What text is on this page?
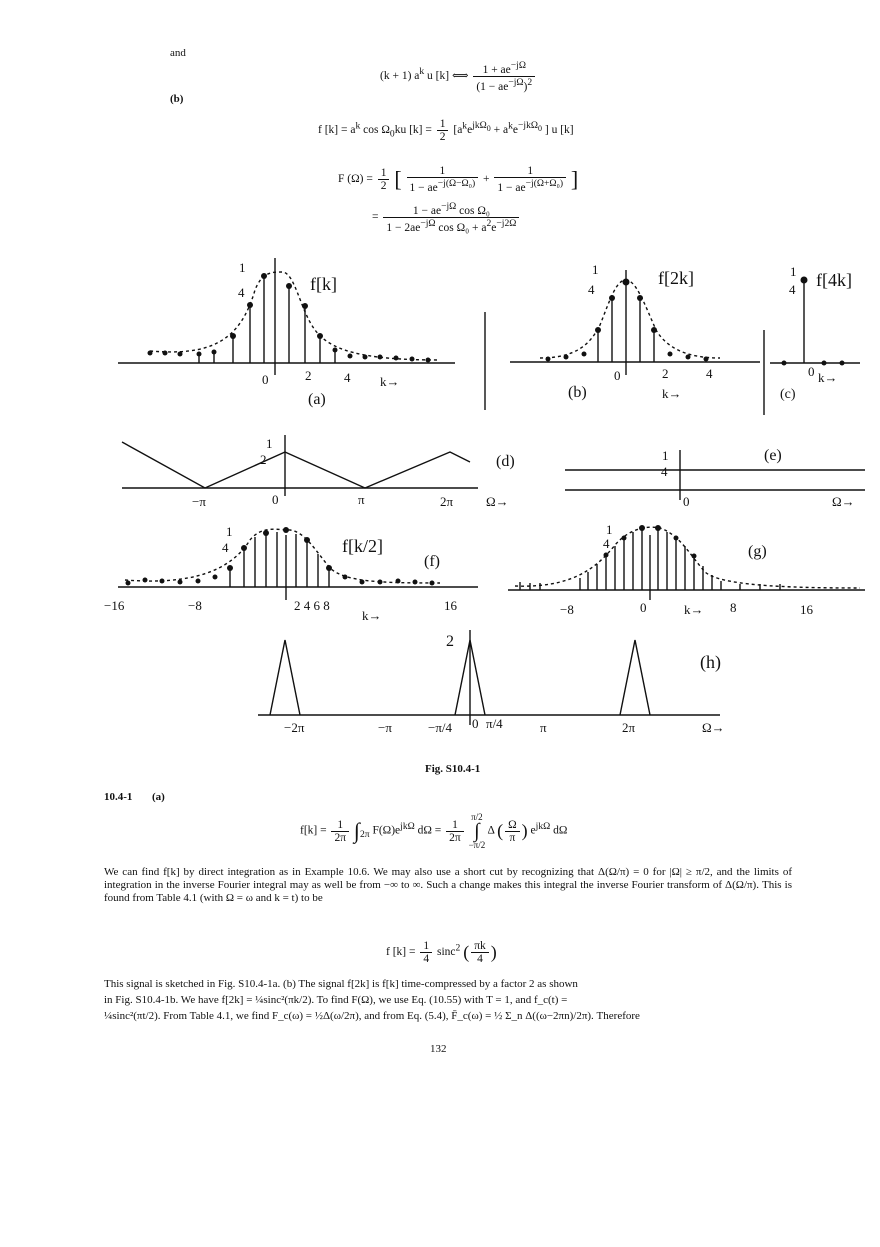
and
(b)
(k + 1) $a^k$ u [k] ⟺ $\frac{1 + ae^{-j\Omega}}{(1 - ae^{-j\Omega})^2}$
f $[k] = a^k$ $\cos \Omega_0ku$ $[k] = \frac{1}{2} [a^ke^{jk\Omega_0} + a^ke^{-jk\Omega_0}$ ] u [k]
F $(\Omega) = \frac{1}{2}$ [ $\frac{1}{1 - ae^{-j(\Omega-\Omega_0)}} + \frac{1}{1 - ae^{-j(\Omega+\Omega_0)}}$ ]
= $\frac{1 - ae^{-j\Omega} \cos \Omega_0}{1 - 2ae^{-j\Omega} \cos \Omega_0 + a^2e^{-j2\Omega}}$
1
4	f[k]
0	2	4 k→
(a)
1
4
f[2k]
0	2	4
k→
(b)
1
4 f[4k]
0 k→
(c)
1
2	(d)
−π	0	π	2π	Ω→
1
4
(e)
0	Ω→
1
4	f[k/2]
(f)
−16	−8	2 4 6 8
k→
16
1
4	(g)
−8	0	k→ 8	16
2
(h)
−2π	−π	−π/4 0 π/4	π	2π	Ω→
Fig. S10.4-1
10.4-1 (a)
$f[k] = \frac{1}{2\pi} \int_{2\pi}$ $F(\Omega)e^{jk\Omega}$ $d\Omega = \frac{1}{2\pi}$

π/2
∫
−π/2
Δ ( $\frac{\Omega}{\pi}$ ) $e^{jk\Omega}$ dΩ
We can find f[k] by direct integration as in Example 10.6. We may also use a short cut by recognizing that Δ(Ω/π) = 0 for |Ω| ≥ π/2, and the limits of integration in the inverse Fourier integral may as well be from −∞ to ∞. Such a change makes this integral the inverse Fourier transform of Δ(Ω/π). This is found from Table 4.1 (with Ω = ω and k = t) to be
f $[k] = \frac{1}{4} \sin c^2$ ( $\frac{\pi k}{4}$ )
This signal is sketched in Fig. S10.4-1a. (b) The signal f[2k] is f[k] time-compressed by a factor 2 as shown
in Fig. S10.4-1b. We have f[2k] = ¼sinc²(πk/2). To find F(Ω), we use Eq. (10.55) with T = 1, and f_c(t) =
¼sinc²(πt/2). From Table 4.1, we find F_c(ω) = ½Δ(ω/2π), and from Eq. (5.4), F̄_c(ω) = ½ Σ_n Δ((ω−2πn)/2π). Therefore
132
